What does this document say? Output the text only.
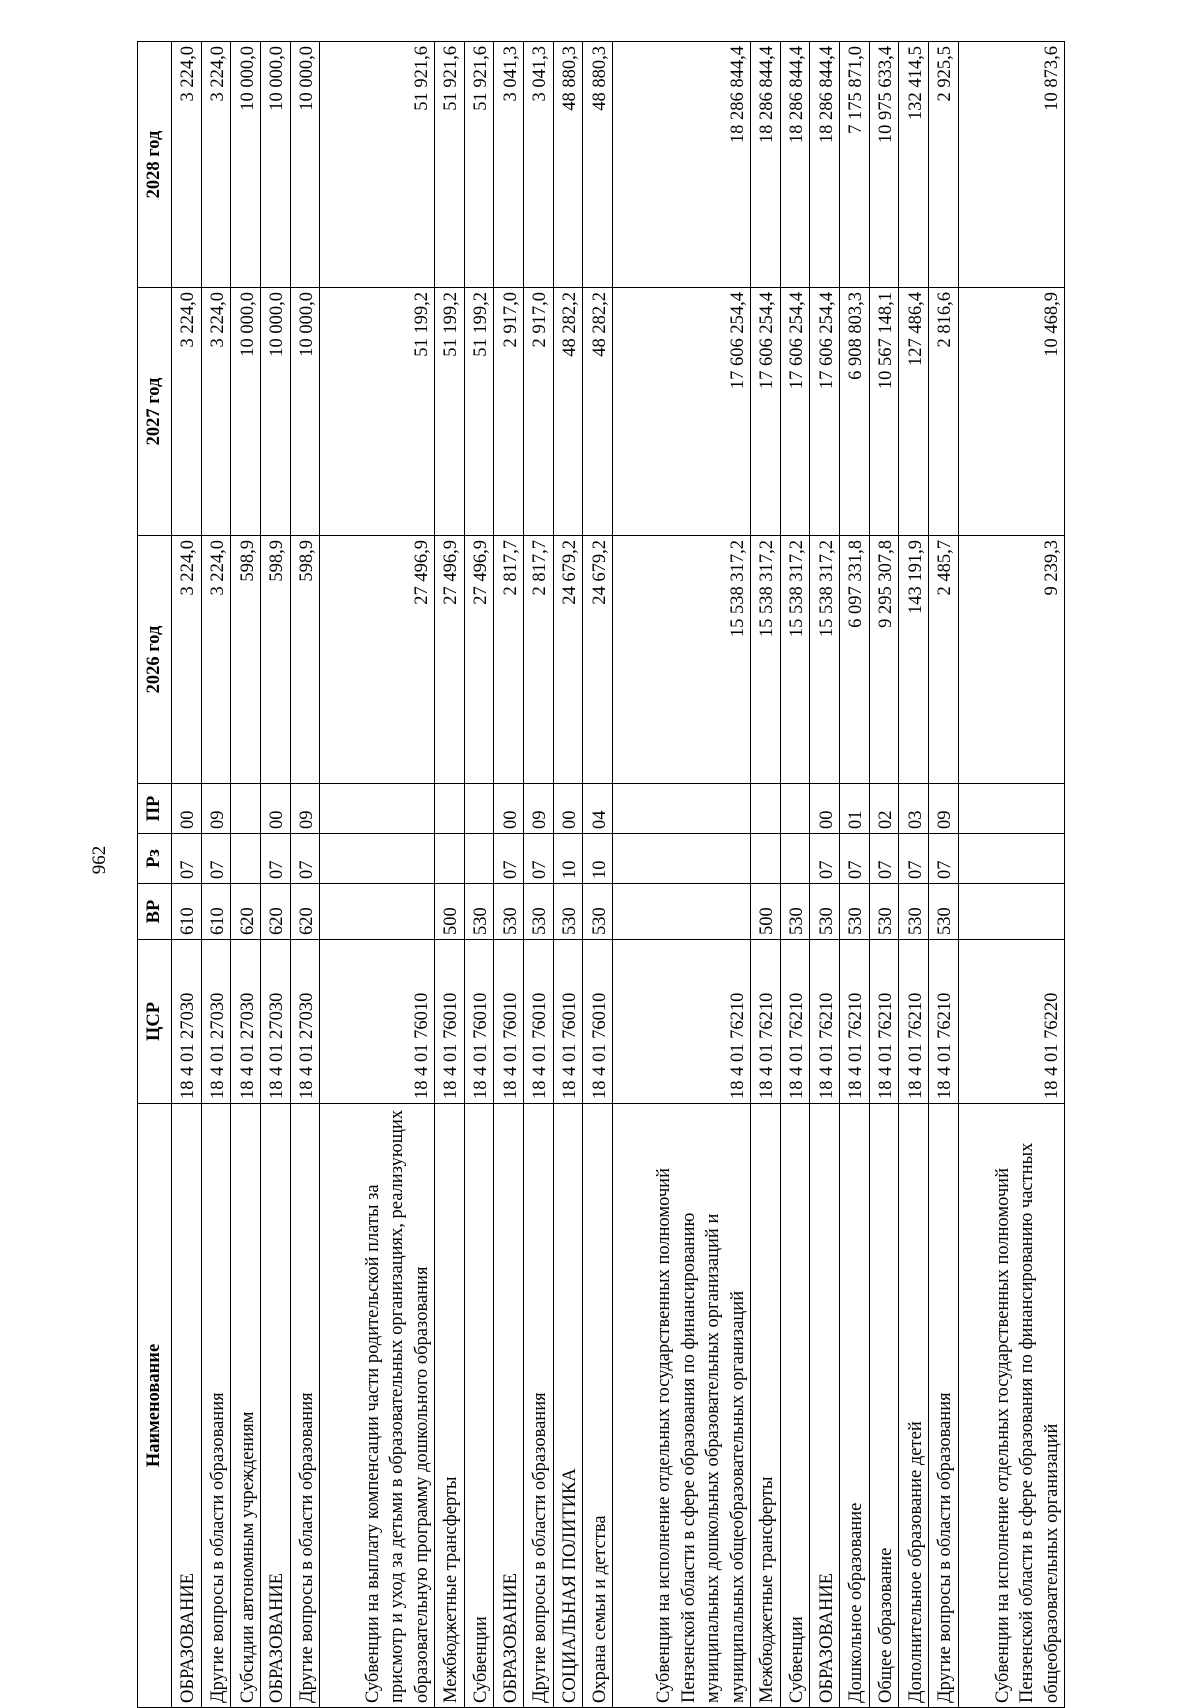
962
Наименование	ЦСР	ВР	Рз	ПР	2026 год	2027 год	2028 год
ОБРАЗОВАНИЕ	18 4 01 27030	610	07	00	3 224,0	3 224,0	3 224,0
Другие вопросы в области образования	18 4 01 27030	610	07	09	3 224,0	3 224,0	3 224,0
Субсидии автономным учреждениям	18 4 01 27030	620			598,9	10 000,0	10 000,0
ОБРАЗОВАНИЕ	18 4 01 27030	620	07	00	598,9	10 000,0	10 000,0
Другие вопросы в области образования	18 4 01 27030	620	07	09	598,9	10 000,0	10 000,0
Субвенции на выплату компенсации части родительской платы за присмотр и уход за детьми в образовательных организациях, реализующих образовательную программу дошкольного образования	18 4 01 76010				27 496,9	51 199,2	51 921,6
Межбюджетные трансферты	18 4 01 76010	500			27 496,9	51 199,2	51 921,6
Субвенции	18 4 01 76010	530			27 496,9	51 199,2	51 921,6
ОБРАЗОВАНИЕ	18 4 01 76010	530	07	00	2 817,7	2 917,0	3 041,3
Другие вопросы в области образования	18 4 01 76010	530	07	09	2 817,7	2 917,0	3 041,3
СОЦИАЛЬНАЯ ПОЛИТИКА	18 4 01 76010	530	10	00	24 679,2	48 282,2	48 880,3
Охрана семьи и детства	18 4 01 76010	530	10	04	24 679,2	48 282,2	48 880,3
Субвенции на исполнение отдельных государственных полномочий Пензенской области в сфере образования по финансированию муниципальных дошкольных образовательных организаций и муниципальных общеобразовательных организаций	18 4 01 76210				15 538 317,2	17 606 254,4	18 286 844,4
Межбюджетные трансферты	18 4 01 76210	500			15 538 317,2	17 606 254,4	18 286 844,4
Субвенции	18 4 01 76210	530			15 538 317,2	17 606 254,4	18 286 844,4
ОБРАЗОВАНИЕ	18 4 01 76210	530	07	00	15 538 317,2	17 606 254,4	18 286 844,4
Дошкольное образование	18 4 01 76210	530	07	01	6 097 331,8	6 908 803,3	7 175 871,0
Общее образование	18 4 01 76210	530	07	02	9 295 307,8	10 567 148,1	10 975 633,4
Дополнительное образование детей	18 4 01 76210	530	07	03	143 191,9	127 486,4	132 414,5
Другие вопросы в области образования	18 4 01 76210	530	07	09	2 485,7	2 816,6	2 925,5
Субвенции на исполнение отдельных государственных полномочий Пензенской области в сфере образования по финансированию частных общеобразовательных организаций	18 4 01 76220				9 239,3	10 468,9	10 873,6
